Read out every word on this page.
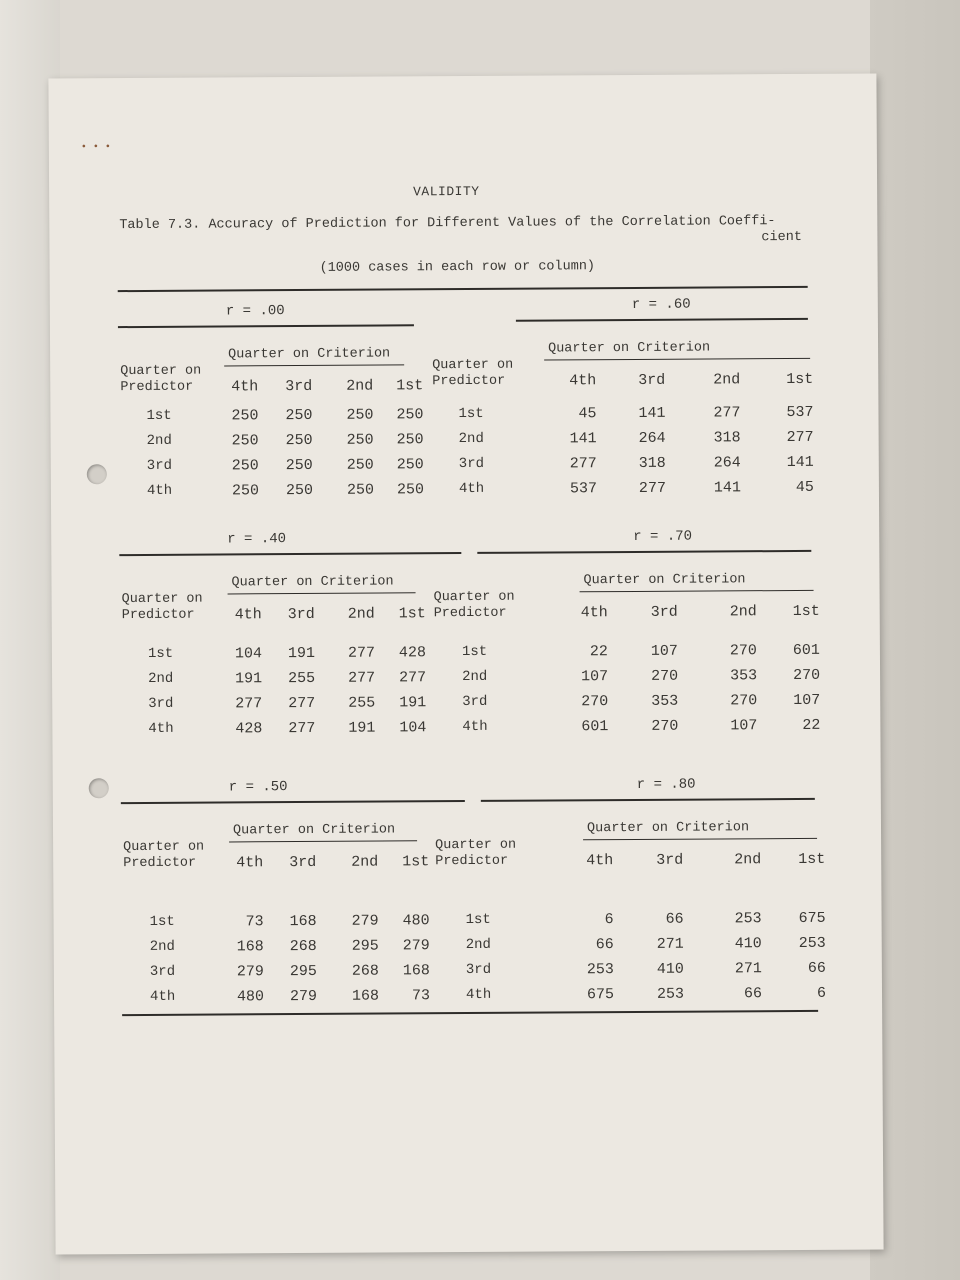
•••
VALIDITY
Table 7.3. Accuracy of Prediction for Different Values of the Correlation Coeffi-
cient
(1000 cases in each row or column)
r = .00
Quarter on Criterion
Quarter on
Predictor	4th	3rd	2nd	1st
1st	250	250	250	250
2nd	250	250	250	250
3rd	250	250	250	250
4th	250	250	250	250
r = .60
Quarter on Criterion
Quarter on
Predictor	4th	3rd	2nd	1st
1st	45	141	277	537
2nd	141	264	318	277
3rd	277	318	264	141
4th	537	277	141	45
r = .40
Quarter on Criterion
Quarter on
Predictor	4th	3rd	2nd	1st
1st	104	191	277	428
2nd	191	255	277	277
3rd	277	277	255	191
4th	428	277	191	104
r = .70
Quarter on Criterion
Quarter on
Predictor	4th	3rd	2nd	1st
1st	22	107	270	601
2nd	107	270	353	270
3rd	270	353	270	107
4th	601	270	107	22
r = .50
Quarter on Criterion
Quarter on
Predictor	4th	3rd	2nd	1st
1st	73	168	279	480
2nd	168	268	295	279
3rd	279	295	268	168
4th	480	279	168	73
r = .80
Quarter on Criterion
Quarter on
Predictor	4th	3rd	2nd	1st
1st	6	66	253	675
2nd	66	271	410	253
3rd	253	410	271	66
4th	675	253	66	6
